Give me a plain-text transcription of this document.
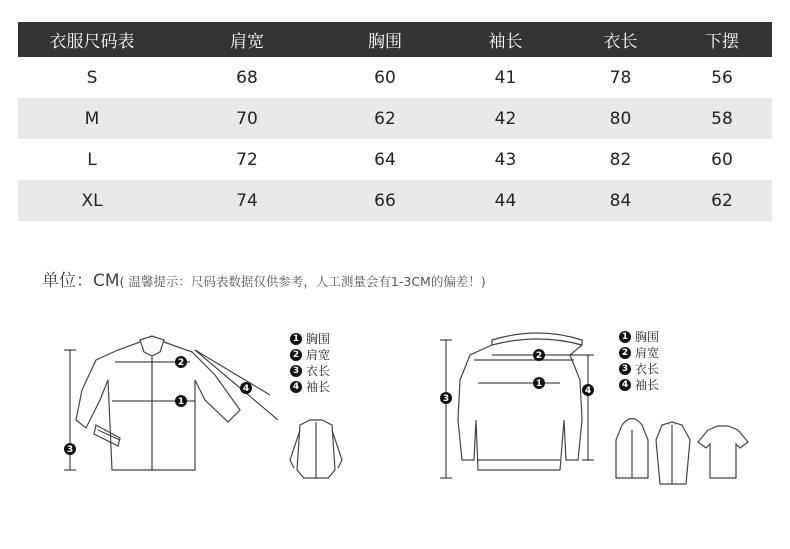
衣服尺码表	肩宽	胸围	袖长	衣长	下摆
S	68	60	41	78	56
M	70	62	42	80	58
L	72	64	43	82	60
XL	74	66	44	84	62
单位：CM( 温馨提示：尺码表数据仅供参考，人工测量会有1-3CM的偏差！)
1
2
3
4	1
2
3
4
1 胸围
2 肩宽
3 衣长
4 袖长
1 胸围
2 肩宽
3 衣长
4 袖长
